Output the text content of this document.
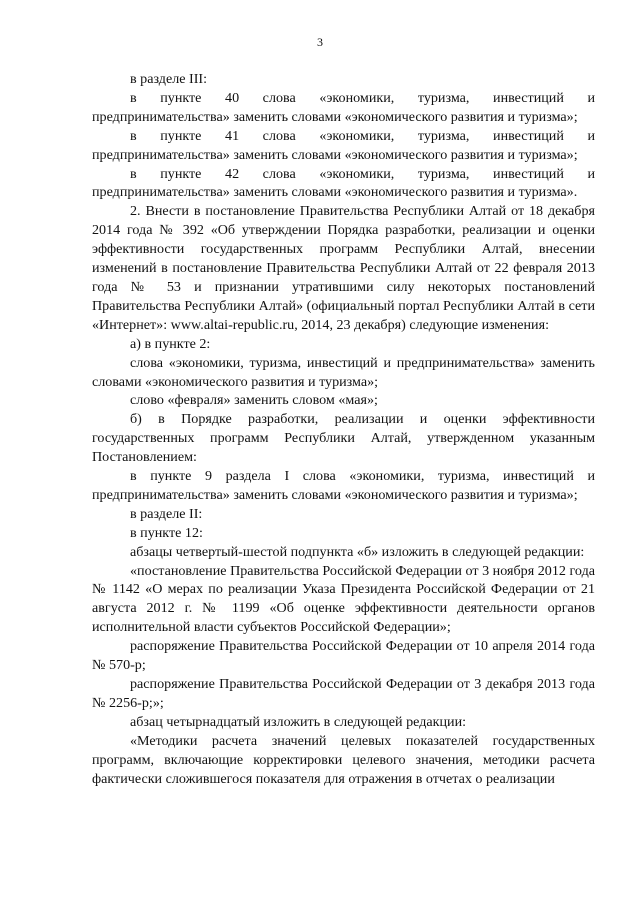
3

в разделе III:

в пункте 40 слова «экономики, туризма, инвестиций и предпринимательства» заменить словами «экономического развития и туризма»;

в пункте 41 слова «экономики, туризма, инвестиций и предпринимательства» заменить словами «экономического развития и туризма»;

в пункте 42 слова «экономики, туризма, инвестиций и предпринимательства» заменить словами «экономического развития и туризма».

2. Внести в постановление Правительства Республики Алтай от 18 декабря 2014 года № 392 «Об утверждении Порядка разработки, реализации и оценки эффективности государственных программ Республики Алтай, внесении изменений в постановление Правительства Республики Алтай от 22 февраля 2013 года № 53 и признании утратившими силу некоторых постановлений Правительства Республики Алтай» (официальный портал Республики Алтай в сети «Интернет»: www.altai-republic.ru, 2014, 23 декабря) следующие изменения:

а) в пункте 2:

слова «экономики, туризма, инвестиций и предпринимательства» заменить словами «экономического развития и туризма»;

слово «февраля» заменить словом «мая»;

б) в Порядке разработки, реализации и оценки эффективности государственных программ Республики Алтай, утвержденном указанным Постановлением:

в пункте 9 раздела I слова «экономики, туризма, инвестиций и предпринимательства» заменить словами «экономического развития и туризма»;

в разделе II:

в пункте 12:

абзацы четвертый-шестой подпункта «б» изложить в следующей редакции:

«постановление Правительства Российской Федерации от 3 ноября 2012 года № 1142 «О мерах по реализации Указа Президента Российской Федерации от 21 августа 2012 г. № 1199 «Об оценке эффективности деятельности органов исполнительной власти субъектов Российской Федерации»;

распоряжение Правительства Российской Федерации от 10 апреля 2014 года № 570-р;

распоряжение Правительства Российской Федерации от 3 декабря 2013 года № 2256-р;»;

абзац четырнадцатый изложить в следующей редакции:

«Методики расчета значений целевых показателей государственных программ, включающие корректировки целевого значения, методики расчета фактически сложившегося показателя для отражения в отчетах о реализации
